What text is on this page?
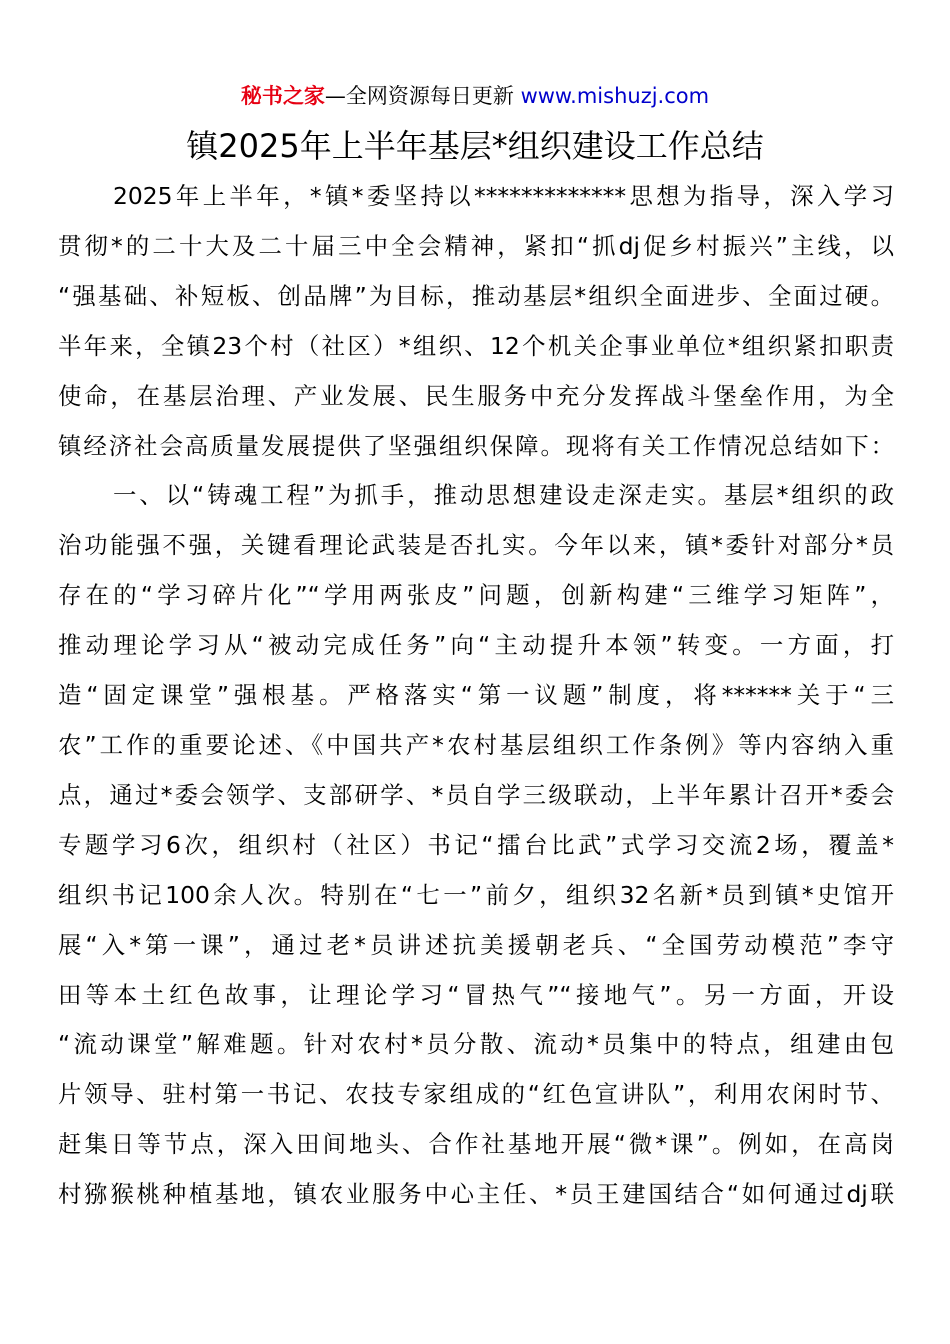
秘书之家—全网资源每日更新 www.mishuzj.com
镇2025年上半年基层*组织建设工作总结
2025年上半年，*镇*委坚持以*************思想为指导，深入学习
贯彻*的二十大及二十届三中全会精神，紧扣“抓dj促乡村振兴”主线，以
“强基础、补短板、创品牌”为目标，推动基层*组织全面进步、全面过硬。
半年来，全镇23个村（社区）*组织、12个机关企事业单位*组织紧扣职责
使命，在基层治理、产业发展、民生服务中充分发挥战斗堡垒作用，为全
镇经济社会高质量发展提供了坚强组织保障。现将有关工作情况总结如下：
一、以“铸魂工程”为抓手，推动思想建设走深走实。基层*组织的政
治功能强不强，关键看理论武装是否扎实。今年以来，镇*委针对部分*员
存在的“学习碎片化”“学用两张皮”问题，创新构建“三维学习矩阵”，
推动理论学习从“被动完成任务”向“主动提升本领”转变。一方面，打
造“固定课堂”强根基。严格落实“第一议题”制度，将******关于“三
农”工作的重要论述、《中国共产*农村基层组织工作条例》等内容纳入重
点，通过*委会领学、支部研学、*员自学三级联动，上半年累计召开*委会
专题学习6次，组织村（社区）书记“擂台比武”式学习交流2场，覆盖*
组织书记100余人次。特别在“七一”前夕，组织32名新*员到镇*史馆开
展“入*第一课”，通过老*员讲述抗美援朝老兵、“全国劳动模范”李守
田等本土红色故事，让理论学习“冒热气”“接地气”。另一方面，开设
“流动课堂”解难题。针对农村*员分散、流动*员集中的特点，组建由包
片领导、驻村第一书记、农技专家组成的“红色宣讲队”，利用农闲时节、
赶集日等节点，深入田间地头、合作社基地开展“微*课”。例如，在高岗
村猕猴桃种植基地，镇农业服务中心主任、*员王建国结合“如何通过dj联
